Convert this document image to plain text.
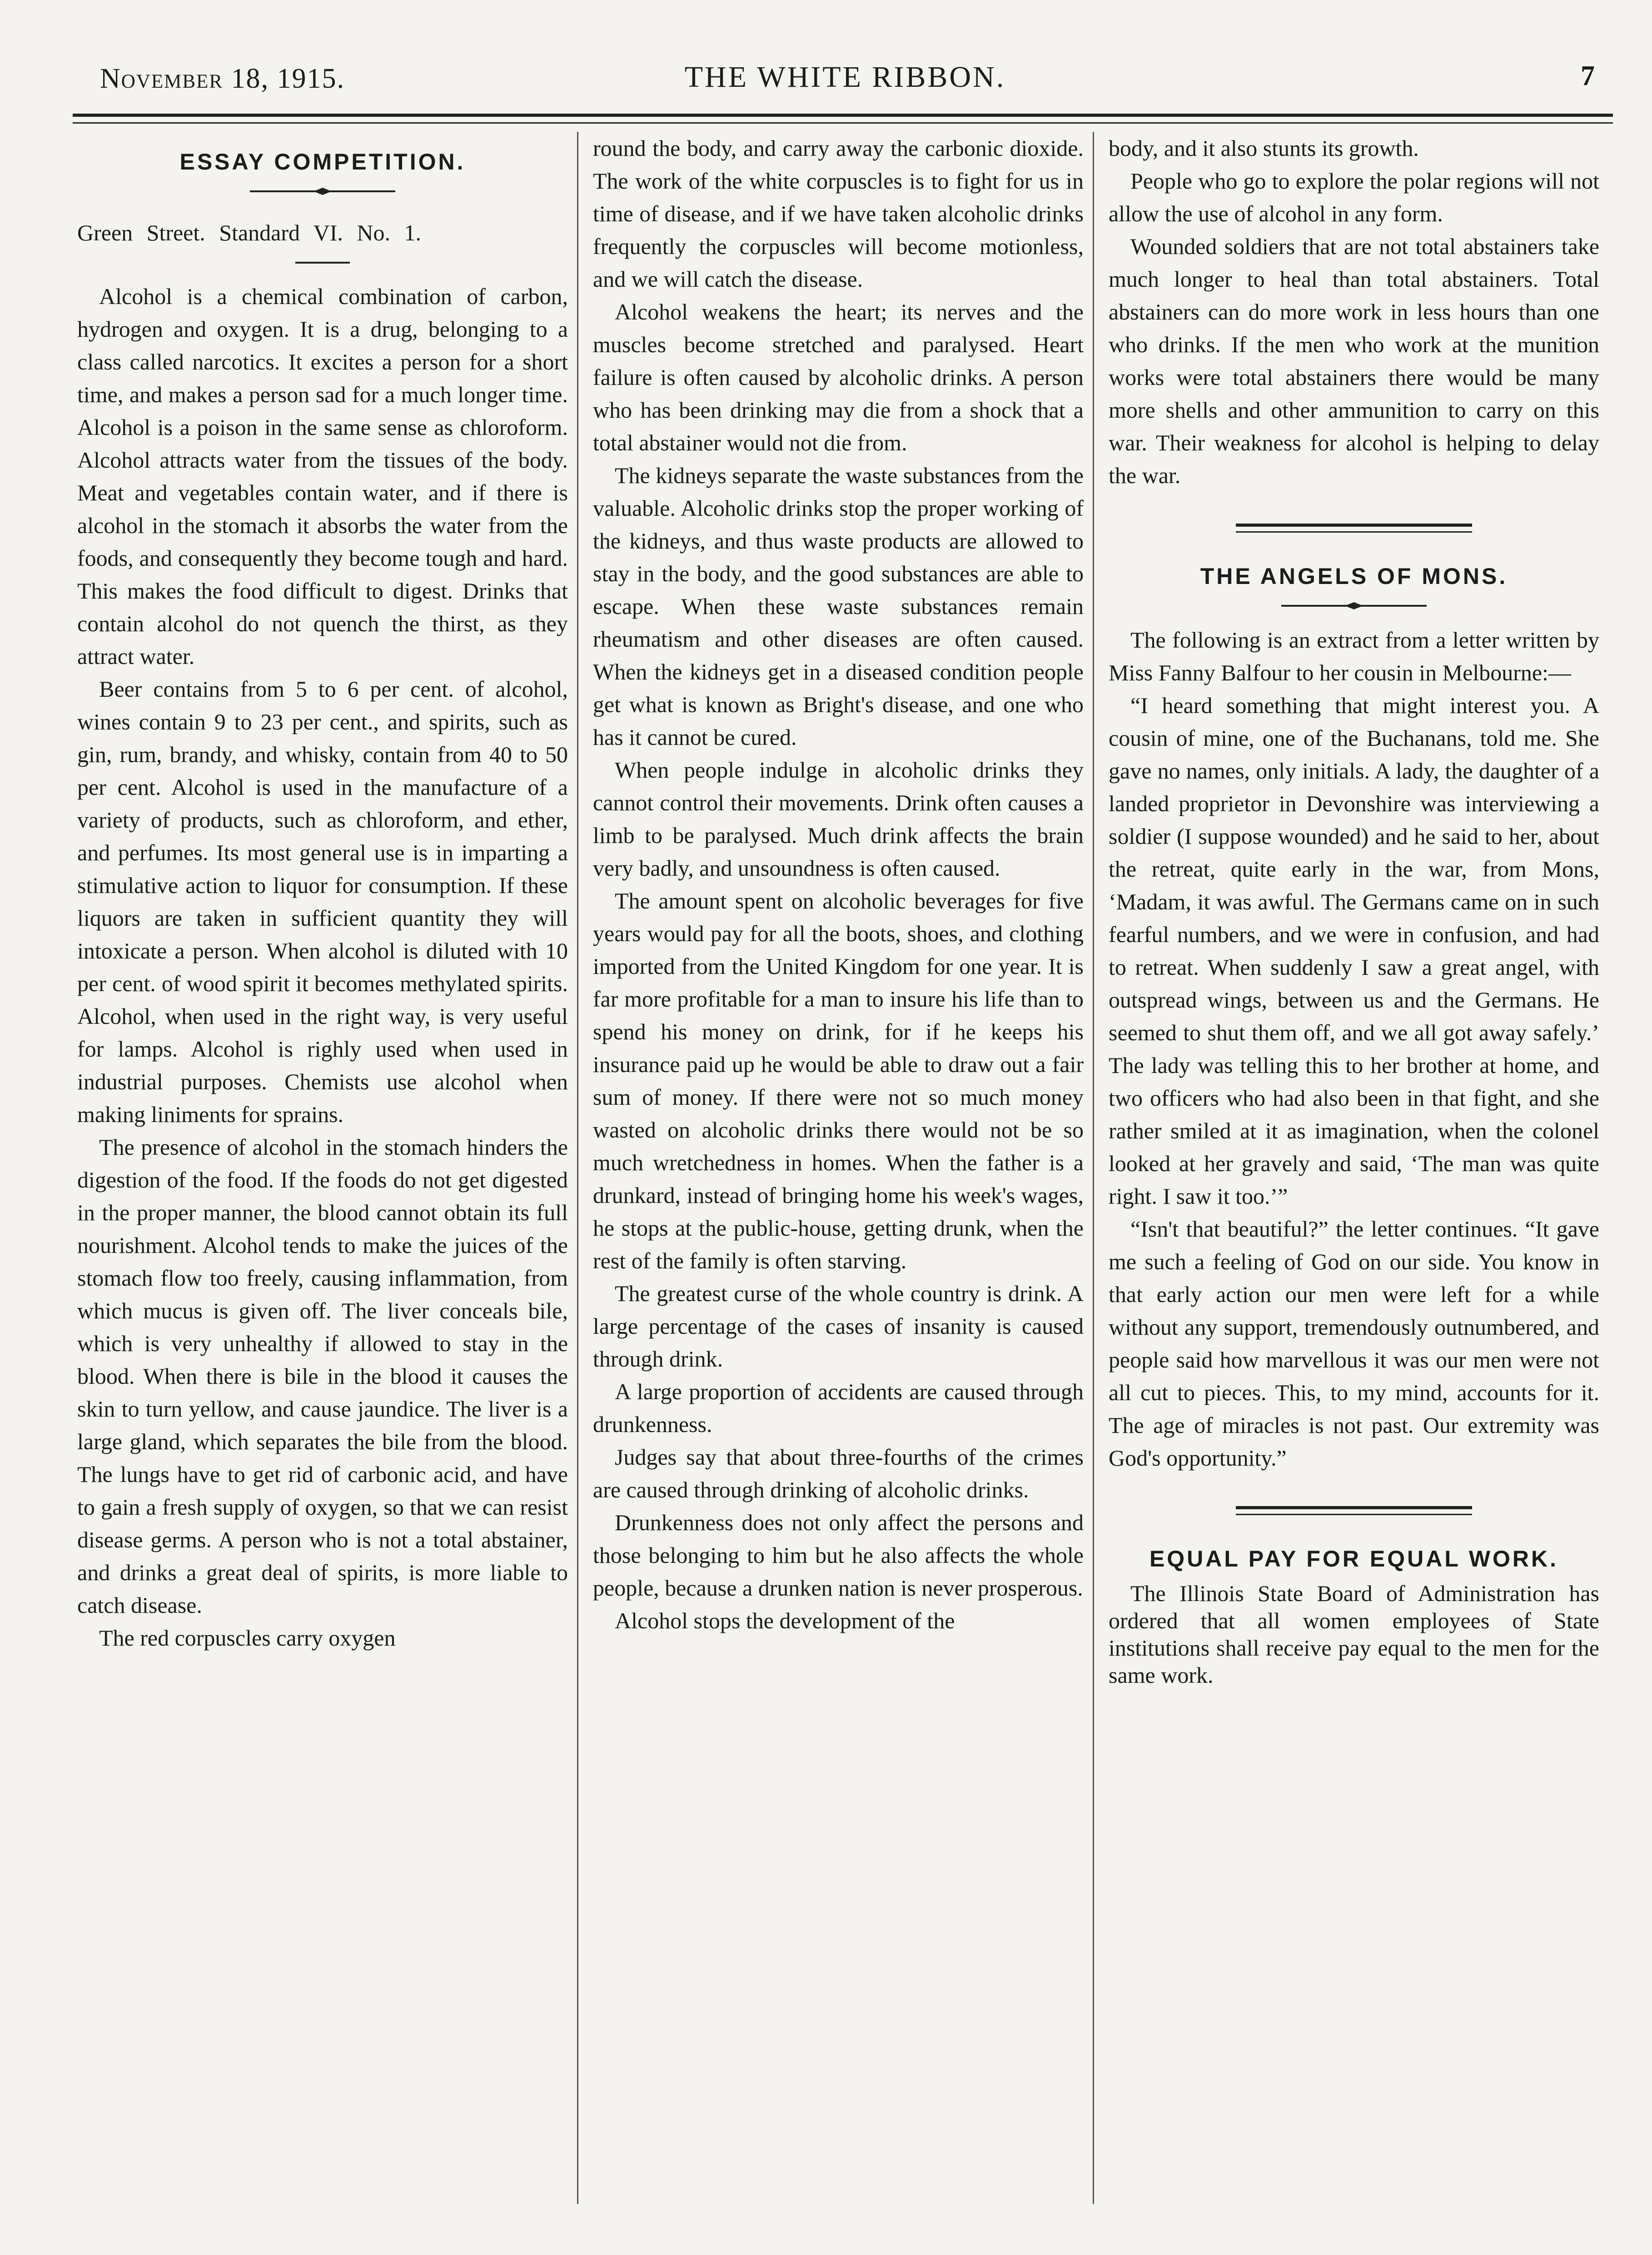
November 18, 1915.	THE WHITE RIBBON.	7
ESSAY COMPETITION.

Green Street. Standard VI. No. 1.

Alcohol is a chemical combination of carbon, hydrogen and oxygen. It is a drug, belonging to a class called narcotics. It excites a person for a short time, and makes a person sad for a much longer time. Alcohol is a poison in the same sense as chloroform. Alcohol attracts water from the tissues of the body. Meat and vegetables contain water, and if there is alcohol in the stomach it absorbs the water from the foods, and consequently they become tough and hard. This makes the food difficult to digest. Drinks that contain alcohol do not quench the thirst, as they attract water.

Beer contains from 5 to 6 per cent. of alcohol, wines contain 9 to 23 per cent., and spirits, such as gin, rum, brandy, and whisky, contain from 40 to 50 per cent. Alcohol is used in the manufacture of a variety of products, such as chloroform, and ether, and perfumes. Its most general use is in imparting a stimulative action to liquor for consumption. If these liquors are taken in sufficient quantity they will intoxicate a person. When alcohol is diluted with 10 per cent. of wood spirit it becomes methylated spirits. Alcohol, when used in the right way, is very useful for lamps. Alcohol is righly used when used in industrial purposes. Chemists use alcohol when making liniments for sprains.

The presence of alcohol in the stomach hinders the digestion of the food. If the foods do not get digested in the proper manner, the blood cannot obtain its full nourishment. Alcohol tends to make the juices of the stomach flow too freely, causing inflammation, from which mucus is given off. The liver conceals bile, which is very unhealthy if allowed to stay in the blood. When there is bile in the blood it causes the skin to turn yellow, and cause jaundice. The liver is a large gland, which separates the bile from the blood. The lungs have to get rid of carbonic acid, and have to gain a fresh supply of oxygen, so that we can resist disease germs. A person who is not a total abstainer, and drinks a great deal of spirits, is more liable to catch disease.

The red corpuscles carry oxygen

round the body, and carry away the carbonic dioxide. The work of the white corpuscles is to fight for us in time of disease, and if we have taken alcoholic drinks frequently the corpuscles will become motionless, and we will catch the disease.

Alcohol weakens the heart; its nerves and the muscles become stretched and paralysed. Heart failure is often caused by alcoholic drinks. A person who has been drinking may die from a shock that a total abstainer would not die from.

The kidneys separate the waste substances from the valuable. Alcoholic drinks stop the proper working of the kidneys, and thus waste products are allowed to stay in the body, and the good substances are able to escape. When these waste substances remain rheumatism and other diseases are often caused. When the kidneys get in a diseased condition people get what is known as Bright's disease, and one who has it cannot be cured.

When people indulge in alcoholic drinks they cannot control their movements. Drink often causes a limb to be paralysed. Much drink affects the brain very badly, and unsoundness is often caused.

The amount spent on alcoholic beverages for five years would pay for all the boots, shoes, and clothing imported from the United Kingdom for one year. It is far more profitable for a man to insure his life than to spend his money on drink, for if he keeps his insurance paid up he would be able to draw out a fair sum of money. If there were not so much money wasted on alcoholic drinks there would not be so much wretchedness in homes. When the father is a drunkard, instead of bringing home his week's wages, he stops at the public-house, getting drunk, when the rest of the family is often starving.

The greatest curse of the whole country is drink. A large percentage of the cases of insanity is caused through drink.

A large proportion of accidents are caused through drunkenness.

Judges say that about three-fourths of the crimes are caused through drinking of alcoholic drinks.

Drunkenness does not only affect the persons and those belonging to him but he also affects the whole people, because a drunken nation is never prosperous.

Alcohol stops the development of the

body, and it also stunts its growth.

People who go to explore the polar regions will not allow the use of alcohol in any form.

Wounded soldiers that are not total abstainers take much longer to heal than total abstainers. Total abstainers can do more work in less hours than one who drinks. If the men who work at the munition works were total abstainers there would be many more shells and other ammunition to carry on this war. Their weakness for alcohol is helping to delay the war.

THE ANGELS OF MONS.

The following is an extract from a letter written by Miss Fanny Balfour to her cousin in Melbourne:—

“I heard something that might interest you. A cousin of mine, one of the Buchanans, told me. She gave no names, only initials. A lady, the daughter of a landed proprietor in Devonshire was interviewing a soldier (I suppose wounded) and he said to her, about the retreat, quite early in the war, from Mons, ‘Madam, it was awful. The Germans came on in such fearful numbers, and we were in confusion, and had to retreat. When suddenly I saw a great angel, with outspread wings, between us and the Germans. He seemed to shut them off, and we all got away safely.’ The lady was telling this to her brother at home, and two officers who had also been in that fight, and she rather smiled at it as imagination, when the colonel looked at her gravely and said, ‘The man was quite right. I saw it too.’”

“Isn't that beautiful?” the letter continues. “It gave me such a feeling of God on our side. You know in that early action our men were left for a while without any support, tremendously outnumbered, and people said how marvellous it was our men were not all cut to pieces. This, to my mind, accounts for it. The age of miracles is not past. Our extremity was God's opportunity.”

EQUAL PAY FOR EQUAL WORK.

The Illinois State Board of Administration has ordered that all women employees of State institutions shall receive pay equal to the men for the same work.
